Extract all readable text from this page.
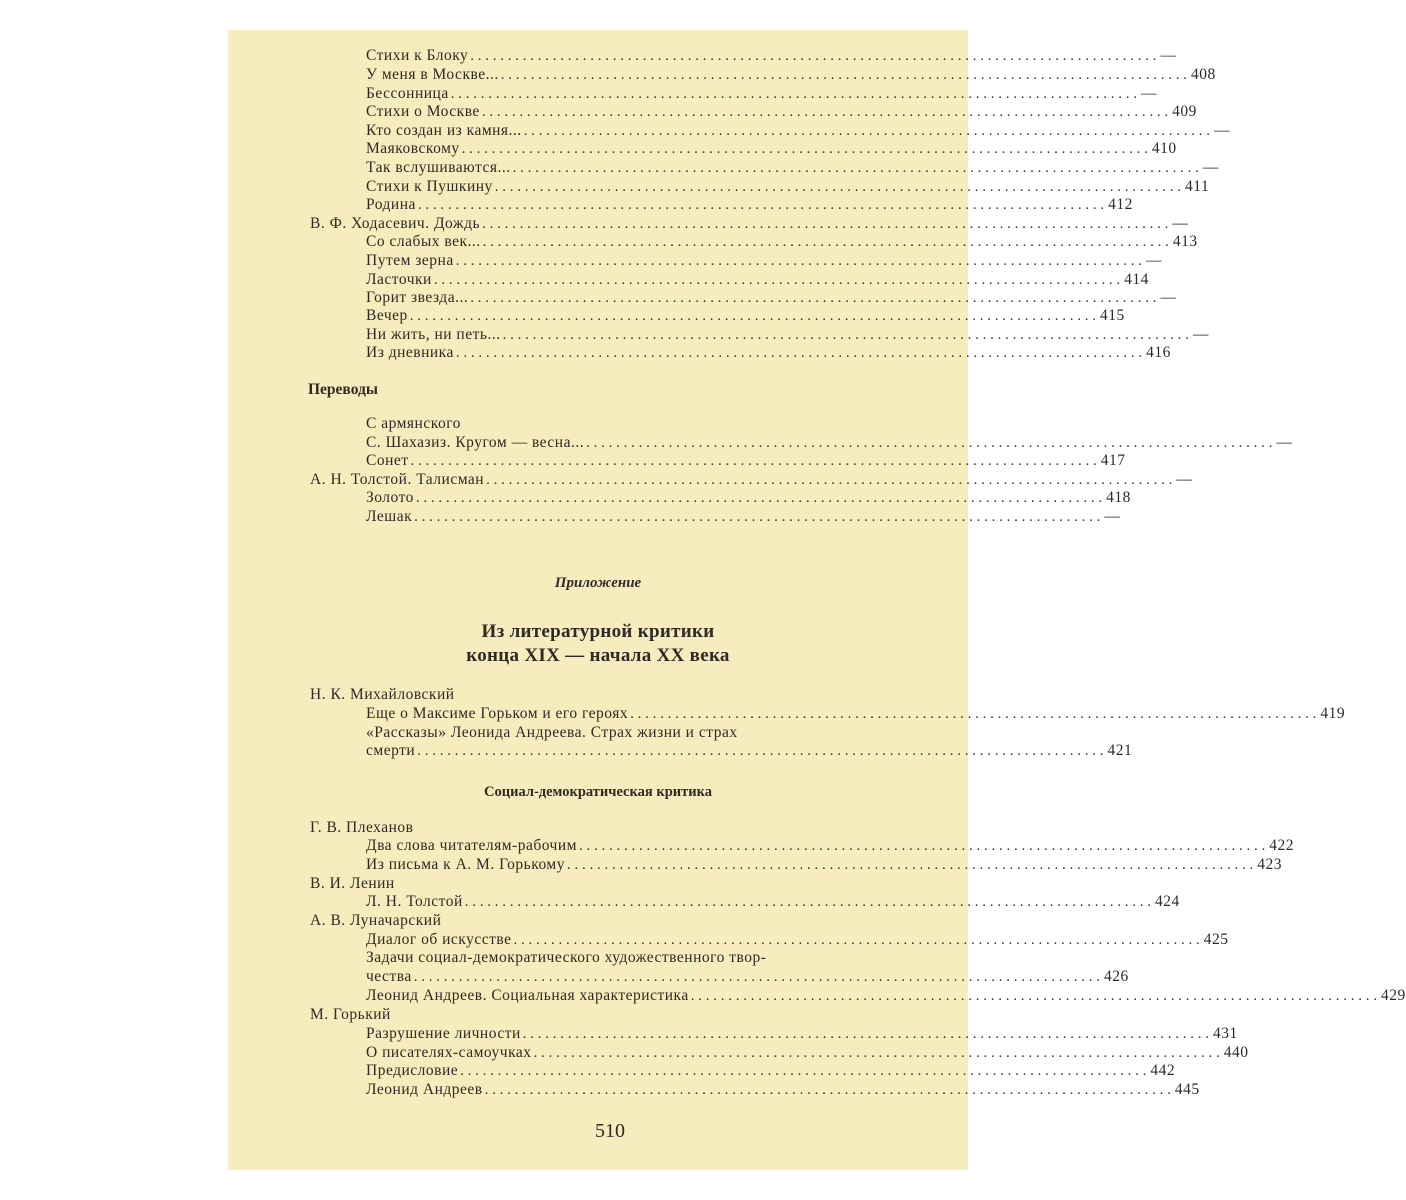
Стихи к Блоку . . . . . . . . . . . . . . . . . . . . . . . . . . . . . . . . . . . . . . . . . . . . . . . . . . . . . . . . . . . . . . . . . . . . . . . . . . . . . . . . . . . . . . . . . . . . —
У меня в Москве... . . . . . . . . . . . . . . . . . . . . . . . . . . . . . . . . . . . . . . . . . . . . . . . . . . . . . . . . . . . . . . . . . . . . . . . . . . . . . . . . . . . . . . . . . . . . 408
Бессонница . . . . . . . . . . . . . . . . . . . . . . . . . . . . . . . . . . . . . . . . . . . . . . . . . . . . . . . . . . . . . . . . . . . . . . . . . . . . . . . . . . . . . . . . . . . . —
Стихи о Москве . . . . . . . . . . . . . . . . . . . . . . . . . . . . . . . . . . . . . . . . . . . . . . . . . . . . . . . . . . . . . . . . . . . . . . . . . . . . . . . . . . . . . . . . . . . . 409
Кто создан из камня... . . . . . . . . . . . . . . . . . . . . . . . . . . . . . . . . . . . . . . . . . . . . . . . . . . . . . . . . . . . . . . . . . . . . . . . . . . . . . . . . . . . . . . . . . . . . —
Маяковскому . . . . . . . . . . . . . . . . . . . . . . . . . . . . . . . . . . . . . . . . . . . . . . . . . . . . . . . . . . . . . . . . . . . . . . . . . . . . . . . . . . . . . . . . . . . . 410
Так вслушиваются... . . . . . . . . . . . . . . . . . . . . . . . . . . . . . . . . . . . . . . . . . . . . . . . . . . . . . . . . . . . . . . . . . . . . . . . . . . . . . . . . . . . . . . . . . . . . —
Стихи к Пушкину . . . . . . . . . . . . . . . . . . . . . . . . . . . . . . . . . . . . . . . . . . . . . . . . . . . . . . . . . . . . . . . . . . . . . . . . . . . . . . . . . . . . . . . . . . . . 411
Родина . . . . . . . . . . . . . . . . . . . . . . . . . . . . . . . . . . . . . . . . . . . . . . . . . . . . . . . . . . . . . . . . . . . . . . . . . . . . . . . . . . . . . . . . . . . . 412
В. Ф. Ходасевич. Дождь . . . . . . . . . . . . . . . . . . . . . . . . . . . . . . . . . . . . . . . . . . . . . . . . . . . . . . . . . . . . . . . . . . . . . . . . . . . . . . . . . . . . . . . . . . . . —
Со слабых век... . . . . . . . . . . . . . . . . . . . . . . . . . . . . . . . . . . . . . . . . . . . . . . . . . . . . . . . . . . . . . . . . . . . . . . . . . . . . . . . . . . . . . . . . . . . . 413
Путем зерна . . . . . . . . . . . . . . . . . . . . . . . . . . . . . . . . . . . . . . . . . . . . . . . . . . . . . . . . . . . . . . . . . . . . . . . . . . . . . . . . . . . . . . . . . . . . —
Ласточки . . . . . . . . . . . . . . . . . . . . . . . . . . . . . . . . . . . . . . . . . . . . . . . . . . . . . . . . . . . . . . . . . . . . . . . . . . . . . . . . . . . . . . . . . . . . 414
Горит звезда... . . . . . . . . . . . . . . . . . . . . . . . . . . . . . . . . . . . . . . . . . . . . . . . . . . . . . . . . . . . . . . . . . . . . . . . . . . . . . . . . . . . . . . . . . . . . —
Вечер . . . . . . . . . . . . . . . . . . . . . . . . . . . . . . . . . . . . . . . . . . . . . . . . . . . . . . . . . . . . . . . . . . . . . . . . . . . . . . . . . . . . . . . . . . . . 415
Ни жить, ни петь... . . . . . . . . . . . . . . . . . . . . . . . . . . . . . . . . . . . . . . . . . . . . . . . . . . . . . . . . . . . . . . . . . . . . . . . . . . . . . . . . . . . . . . . . . . . . —
Из дневника . . . . . . . . . . . . . . . . . . . . . . . . . . . . . . . . . . . . . . . . . . . . . . . . . . . . . . . . . . . . . . . . . . . . . . . . . . . . . . . . . . . . . . . . . . . . 416
Переводы
С армянского
С. Шахазиз. Кругом — весна... . . . . . . . . . . . . . . . . . . . . . . . . . . . . . . . . . . . . . . . . . . . . . . . . . . . . . . . . . . . . . . . . . . . . . . . . . . . . . . . . . . . . . . . . . . . . —
Сонет . . . . . . . . . . . . . . . . . . . . . . . . . . . . . . . . . . . . . . . . . . . . . . . . . . . . . . . . . . . . . . . . . . . . . . . . . . . . . . . . . . . . . . . . . . . . 417
А. Н. Толстой. Талисман . . . . . . . . . . . . . . . . . . . . . . . . . . . . . . . . . . . . . . . . . . . . . . . . . . . . . . . . . . . . . . . . . . . . . . . . . . . . . . . . . . . . . . . . . . . . —
Золото . . . . . . . . . . . . . . . . . . . . . . . . . . . . . . . . . . . . . . . . . . . . . . . . . . . . . . . . . . . . . . . . . . . . . . . . . . . . . . . . . . . . . . . . . . . . 418
Лешак . . . . . . . . . . . . . . . . . . . . . . . . . . . . . . . . . . . . . . . . . . . . . . . . . . . . . . . . . . . . . . . . . . . . . . . . . . . . . . . . . . . . . . . . . . . . —
Приложение
Из литературной критики
конца XIX — начала XX века
Н. К. Михайловский
Еще о Максиме Горьком и его героях . . . . . . . . . . . . . . . . . . . . . . . . . . . . . . . . . . . . . . . . . . . . . . . . . . . . . . . . . . . . . . . . . . . . . . . . . . . . . . . . . . . . . . . . . . . . 419
«Рассказы» Леонида Андреева. Страх жизни и страх
смерти . . . . . . . . . . . . . . . . . . . . . . . . . . . . . . . . . . . . . . . . . . . . . . . . . . . . . . . . . . . . . . . . . . . . . . . . . . . . . . . . . . . . . . . . . . . . 421
Социал-демократическая критика
Г. В. Плеханов
Два слова читателям-рабочим . . . . . . . . . . . . . . . . . . . . . . . . . . . . . . . . . . . . . . . . . . . . . . . . . . . . . . . . . . . . . . . . . . . . . . . . . . . . . . . . . . . . . . . . . . . . 422
Из письма к А. М. Горькому . . . . . . . . . . . . . . . . . . . . . . . . . . . . . . . . . . . . . . . . . . . . . . . . . . . . . . . . . . . . . . . . . . . . . . . . . . . . . . . . . . . . . . . . . . . . 423
В. И. Ленин
Л. Н. Толстой . . . . . . . . . . . . . . . . . . . . . . . . . . . . . . . . . . . . . . . . . . . . . . . . . . . . . . . . . . . . . . . . . . . . . . . . . . . . . . . . . . . . . . . . . . . . 424
А. В. Луначарский
Диалог об искусстве . . . . . . . . . . . . . . . . . . . . . . . . . . . . . . . . . . . . . . . . . . . . . . . . . . . . . . . . . . . . . . . . . . . . . . . . . . . . . . . . . . . . . . . . . . . . 425
Задачи социал-демократического художественного твор-
чества . . . . . . . . . . . . . . . . . . . . . . . . . . . . . . . . . . . . . . . . . . . . . . . . . . . . . . . . . . . . . . . . . . . . . . . . . . . . . . . . . . . . . . . . . . . . 426
Леонид Андреев. Социальная характеристика . . . . . . . . . . . . . . . . . . . . . . . . . . . . . . . . . . . . . . . . . . . . . . . . . . . . . . . . . . . . . . . . . . . . . . . . . . . . . . . . . . . . . . . . . . . . 429
М. Горький
Разрушение личности . . . . . . . . . . . . . . . . . . . . . . . . . . . . . . . . . . . . . . . . . . . . . . . . . . . . . . . . . . . . . . . . . . . . . . . . . . . . . . . . . . . . . . . . . . . . 431
О писателях-самоучках . . . . . . . . . . . . . . . . . . . . . . . . . . . . . . . . . . . . . . . . . . . . . . . . . . . . . . . . . . . . . . . . . . . . . . . . . . . . . . . . . . . . . . . . . . . . 440
Предисловие . . . . . . . . . . . . . . . . . . . . . . . . . . . . . . . . . . . . . . . . . . . . . . . . . . . . . . . . . . . . . . . . . . . . . . . . . . . . . . . . . . . . . . . . . . . . 442
Леонид Андреев . . . . . . . . . . . . . . . . . . . . . . . . . . . . . . . . . . . . . . . . . . . . . . . . . . . . . . . . . . . . . . . . . . . . . . . . . . . . . . . . . . . . . . . . . . . . 445
510
